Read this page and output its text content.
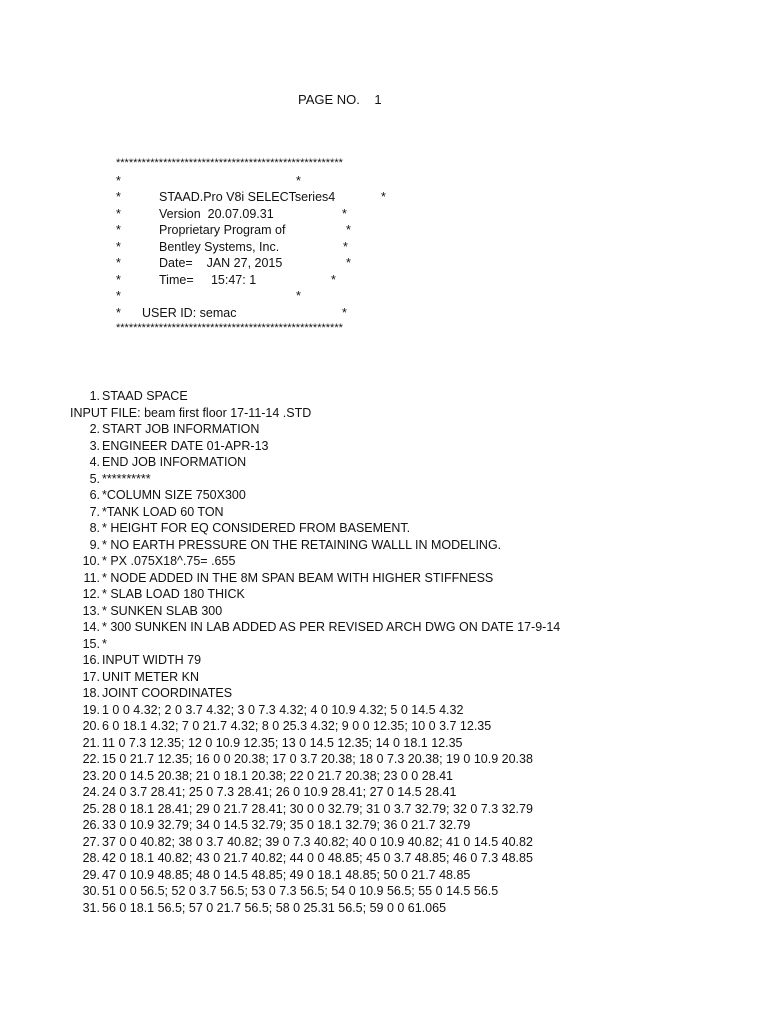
PAGE NO. 1
*****************************************************

*

	*

*

	STAAD.Pro V8i SELECTseries4

	*

*

	Version  20.07.09.31

	*

*

	Proprietary Program of

	*

*

	Bentley Systems, Inc.

	*

*

	Date=    JAN 27, 2015

	*

*

	Time=     15:47: 1

	*

*

	*

*

USER ID: semac

	*

*****************************************************
1. STAAD SPACE
INPUT FILE: beam first floor 17-11-14 .STD
2. START JOB INFORMATION
3. ENGINEER DATE 01-APR-13
4. END JOB INFORMATION
5. **********
6. *COLUMN SIZE 750X300
7. *TANK LOAD 60 TON
8. * HEIGHT FOR EQ CONSIDERED FROM BASEMENT.
9. * NO EARTH PRESSURE ON THE RETAINING WALLL IN MODELING.
10. * PX .075X18^.75= .655
11. * NODE ADDED IN THE 8M SPAN BEAM WITH HIGHER STIFFNESS
12. * SLAB LOAD 180 THICK
13. * SUNKEN SLAB 300
14. * 300 SUNKEN IN LAB ADDED AS PER REVISED ARCH DWG ON DATE 17-9-14
15. *
16. INPUT WIDTH 79
17. UNIT METER KN
18. JOINT COORDINATES
19. 1 0 0 4.32; 2 0 3.7 4.32; 3 0 7.3 4.32; 4 0 10.9 4.32; 5 0 14.5 4.32
20. 6 0 18.1 4.32; 7 0 21.7 4.32; 8 0 25.3 4.32; 9 0 0 12.35; 10 0 3.7 12.35
21. 11 0 7.3 12.35; 12 0 10.9 12.35; 13 0 14.5 12.35; 14 0 18.1 12.35
22. 15 0 21.7 12.35; 16 0 0 20.38; 17 0 3.7 20.38; 18 0 7.3 20.38; 19 0 10.9 20.38
23. 20 0 14.5 20.38; 21 0 18.1 20.38; 22 0 21.7 20.38; 23 0 0 28.41
24. 24 0 3.7 28.41; 25 0 7.3 28.41; 26 0 10.9 28.41; 27 0 14.5 28.41
25. 28 0 18.1 28.41; 29 0 21.7 28.41; 30 0 0 32.79; 31 0 3.7 32.79; 32 0 7.3 32.79
26. 33 0 10.9 32.79; 34 0 14.5 32.79; 35 0 18.1 32.79; 36 0 21.7 32.79
27. 37 0 0 40.82; 38 0 3.7 40.82; 39 0 7.3 40.82; 40 0 10.9 40.82; 41 0 14.5 40.82
28. 42 0 18.1 40.82; 43 0 21.7 40.82; 44 0 0 48.85; 45 0 3.7 48.85; 46 0 7.3 48.85
29. 47 0 10.9 48.85; 48 0 14.5 48.85; 49 0 18.1 48.85; 50 0 21.7 48.85
30. 51 0 0 56.5; 52 0 3.7 56.5; 53 0 7.3 56.5; 54 0 10.9 56.5; 55 0 14.5 56.5
31. 56 0 18.1 56.5; 57 0 21.7 56.5; 58 0 25.31 56.5; 59 0 0 61.065
